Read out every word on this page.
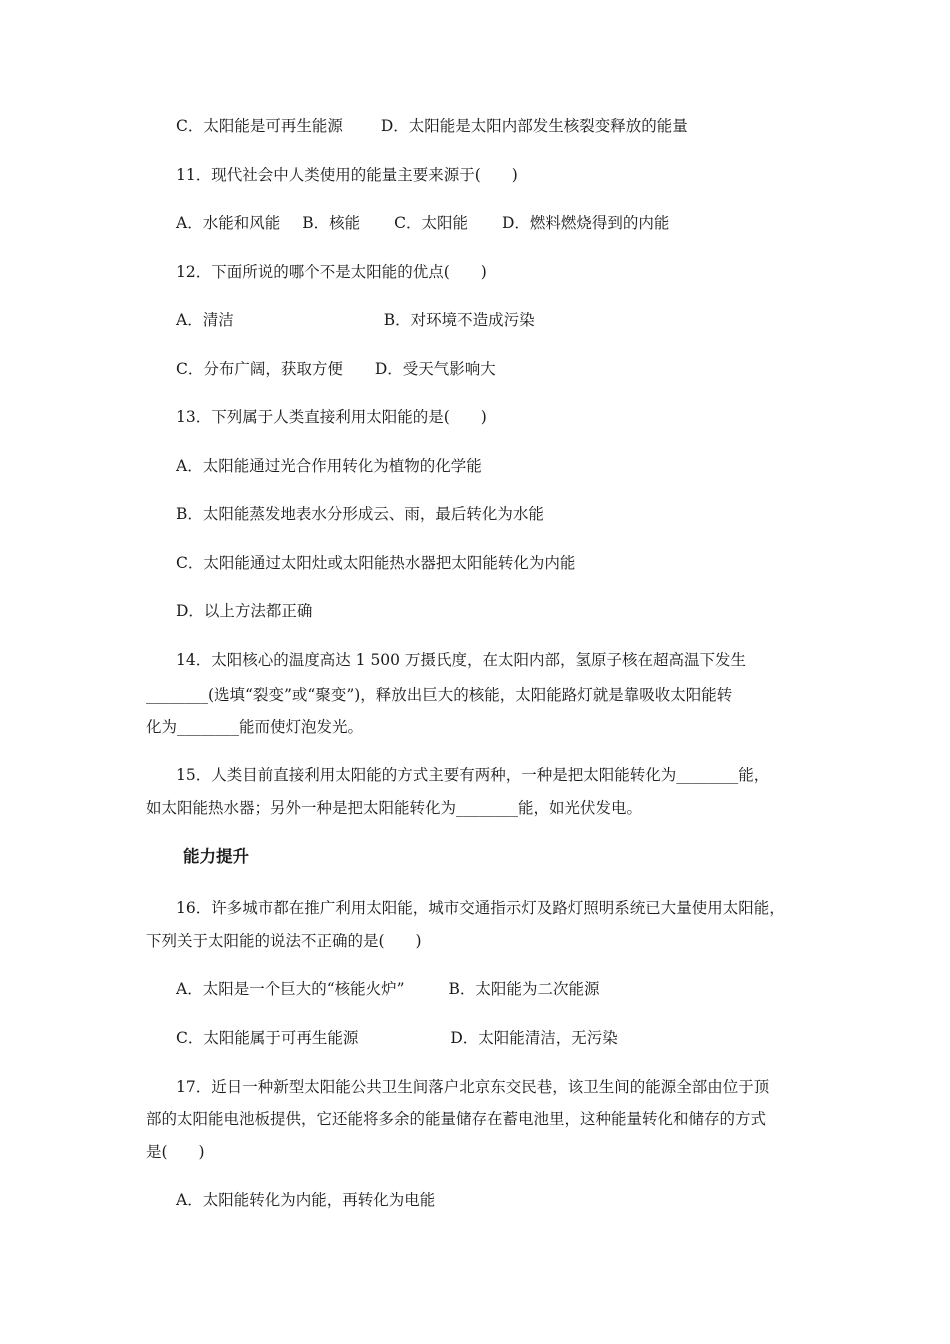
C．太阳能是可再生能源 D．太阳能是太阳内部发生核裂变释放的能量
11．现代社会中人类使用的能量主要来源于(　　)
A．水能和风能 B．核能 C．太阳能 D．燃料燃烧得到的内能
12．下面所说的哪个不是太阳能的优点(　　)
A．清洁	B．对环境不造成污染
C．分布广阔，获取方便 D．受天气影响大
13．下列属于人类直接利用太阳能的是(　　)
A．太阳能通过光合作用转化为植物的化学能
B．太阳能蒸发地表水分形成云、雨，最后转化为水能
C．太阳能通过太阳灶或太阳能热水器把太阳能转化为内能
D．以上方法都正确
14．太阳核心的温度高达 1 500 万摄氏度，在太阳内部，氢原子核在超高温下发生
________(选填“裂变”或“聚变”)，释放出巨大的核能，太阳能路灯就是靠吸收太阳能转
化为________能而使灯泡发光。
15．人类目前直接利用太阳能的方式主要有两种，一种是把太阳能转化为________能，
如太阳能热水器；另外一种是把太阳能转化为________能，如光伏发电。
能力提升
16．许多城市都在推广利用太阳能，城市交通指示灯及路灯照明系统已大量使用太阳能，
下列关于太阳能的说法不正确的是(　　)
A．太阳是一个巨大的“核能火炉”	B．太阳能为二次能源
C．太阳能属于可再生能源	D．太阳能清洁，无污染
17．近日一种新型太阳能公共卫生间落户北京东交民巷，该卫生间的能源全部由位于顶
部的太阳能电池板提供，它还能将多余的能量储存在蓄电池里，这种能量转化和储存的方式
是(　　)
A．太阳能转化为内能，再转化为电能
